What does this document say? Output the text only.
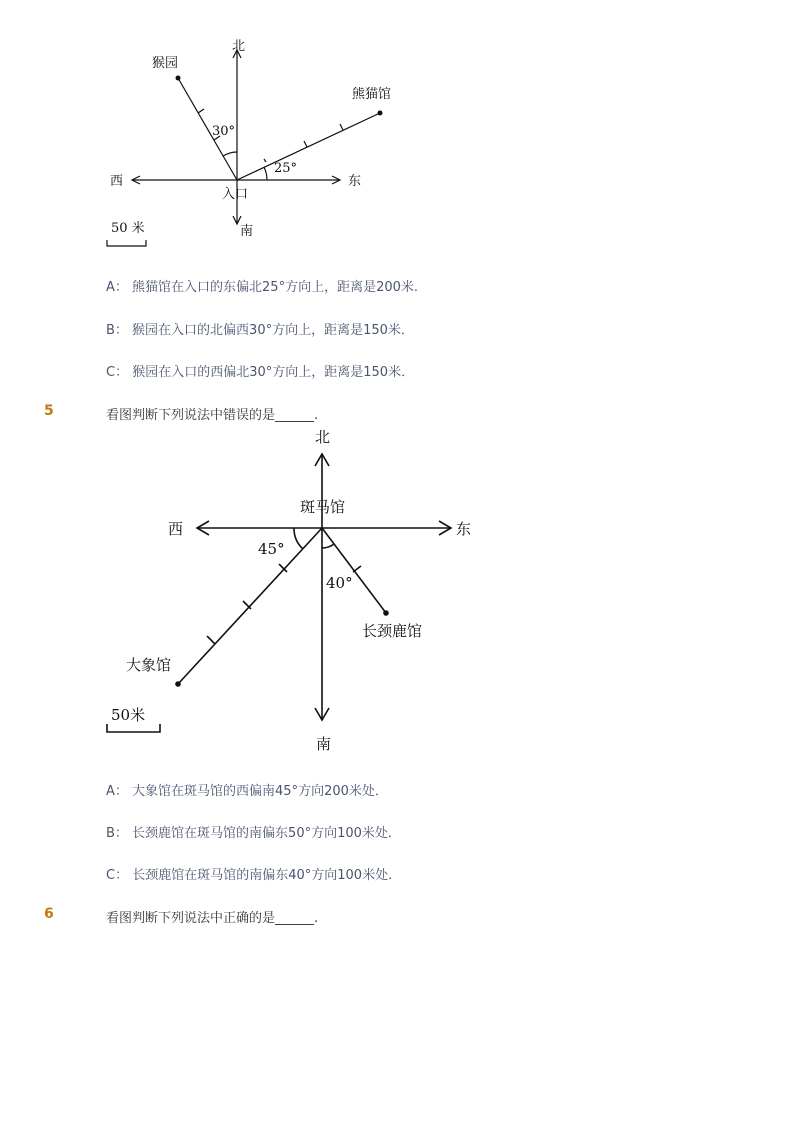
北
南
东
西
入口
猴园
熊猫馆
30°
25°
50 米
A： 熊猫馆在入口的东偏北25°方向上，距离是200米.
B： 猴园在入口的北偏西30°方向上，距离是150米．
C： 猴园在入口的西偏北30°方向上，距离是150米．
5	看图判断下列说法中错误的是______.
北
南
东
西
斑马馆
大象馆
长颈鹿馆
45°
40°
50米
A： 大象馆在斑马馆的西偏南45°方向200米处．
B： 长颈鹿馆在斑马馆的南偏东50°方向100米处．
C： 长颈鹿馆在斑马馆的南偏东40°方向100米处．
6	看图判断下列说法中正确的是______.
